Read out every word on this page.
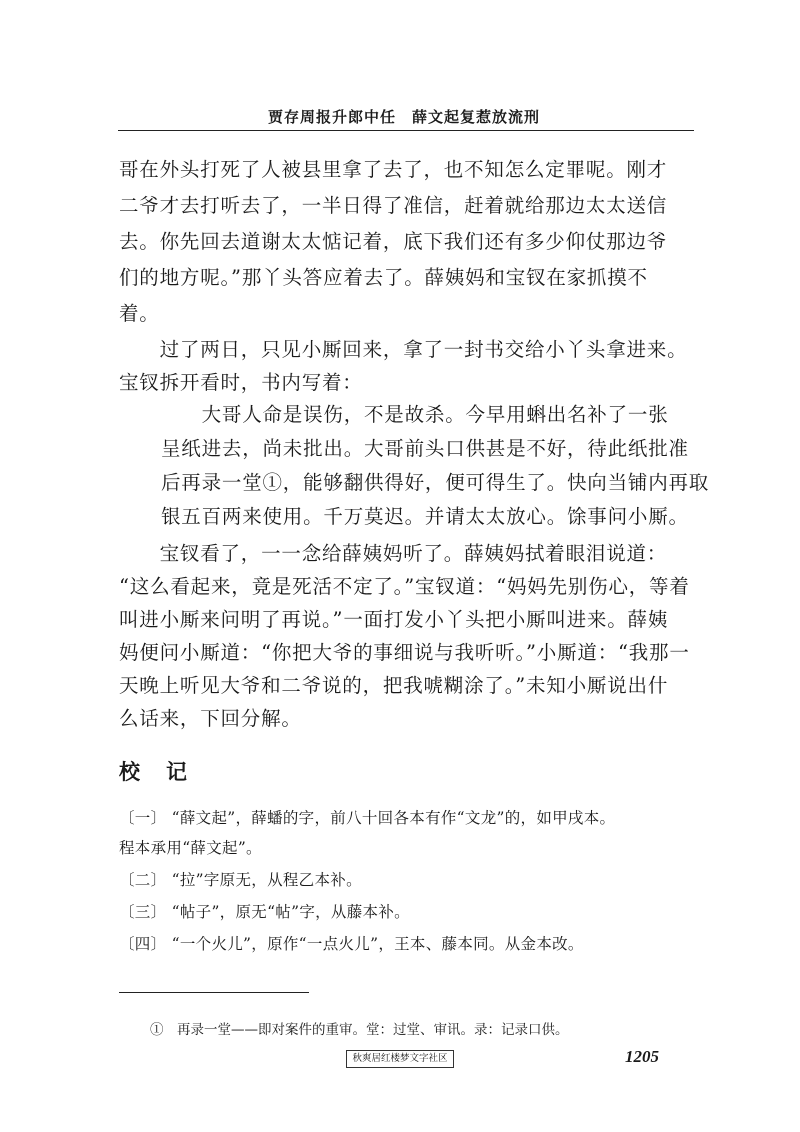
贾存周报升郎中任　薛文起复惹放流刑
哥在外头打死了人被县里拿了去了，也不知怎么定罪呢。刚才
二爷才去打听去了，一半日得了准信，赶着就给那边太太送信
去。你先回去道谢太太惦记着，底下我们还有多少仰仗那边爷
们的地方呢。”那丫头答应着去了。薛姨妈和宝钗在家抓摸不
着。
　　过了两日，只见小厮回来，拿了一封书交给小丫头拿进来。
宝钗拆开看时，书内写着：
　　大哥人命是误伤，不是故杀。今早用蝌出名补了一张
呈纸进去，尚未批出。大哥前头口供甚是不好，待此纸批准
后再录一堂①，能够翻供得好，便可得生了。快向当铺内再取
银五百两来使用。千万莫迟。并请太太放心。馀事问小厮。
　　宝钗看了，一一念给薛姨妈听了。薛姨妈拭着眼泪说道：
“这么看起来，竟是死活不定了。”宝钗道：“妈妈先别伤心，等着
叫进小厮来问明了再说。”一面打发小丫头把小厮叫进来。薛姨
妈便问小厮道：“你把大爷的事细说与我听听。”小厮道：“我那一
天晚上听见大爷和二爷说的，把我唬糊涂了。”未知小厮说出什
么话来，下回分解。
校记
〔一〕 “薛文起”，薛蟠的字，前八十回各本有作“文龙”的，如甲戌本。
程本承用“薛文起”。
〔二〕 “拉”字原无，从程乙本补。
〔三〕 “帖子”，原无“帖”字，从藤本补。
〔四〕 “一个火儿”，原作“一点火儿”，王本、藤本同。从金本改。
①　再录一堂——即对案件的重审。堂：过堂、审讯。录：记录口供。
秋爽居红楼梦文字社区	1205
